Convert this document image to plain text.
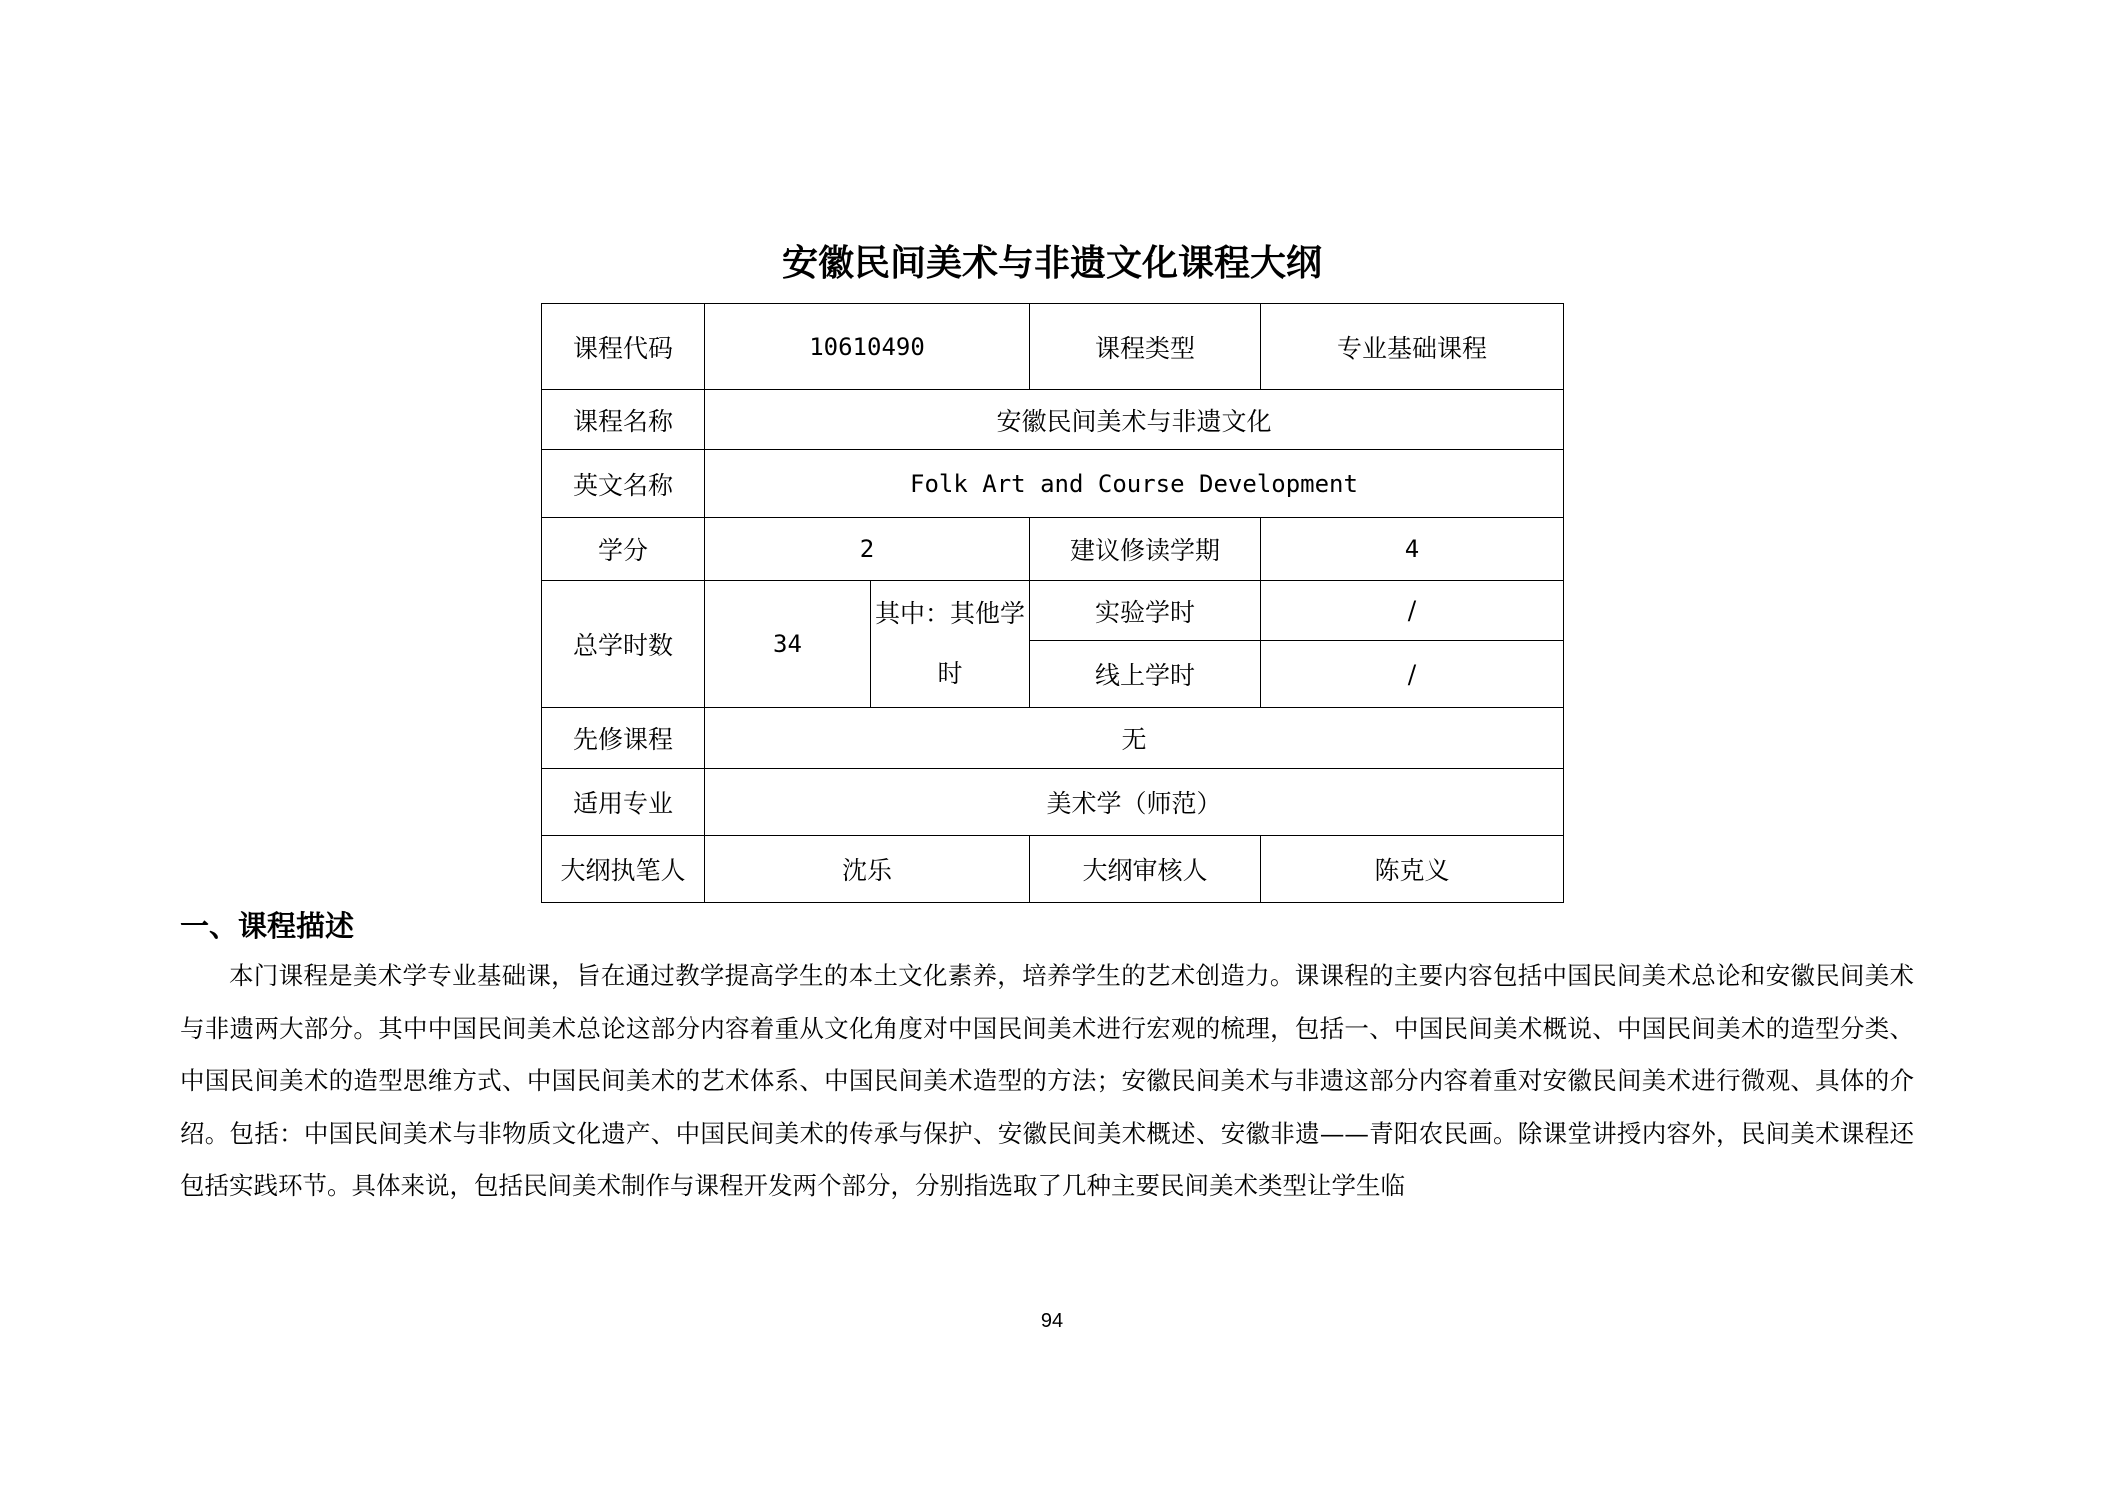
安徽民间美术与非遗文化课程大纲
课程代码	10610490		课程类型	专业基础课程
课程名称	安徽民间美术与非遗文化			
英文名称	Folk Art and Course Development			
学分	2		建议修读学期	4
总学时数	34	其中：其他学时	实验学时	/
			线上学时	/
先修课程	无			
适用专业	美术学（师范）			
大纲执笔人	沈乐		大纲审核人	陈克义
一、课程描述

本门课程是美术学专业基础课，旨在通过教学提高学生的本土文化素养，培养学生的艺术创造力。课课程的主要内容包括中国民间美术总论和安徽民间美术与非遗两大部分。其中中国民间美术总论这部分内容着重从文化角度对中国民间美术进行宏观的梳理，包括一、中国民间美术概说、中国民间美术的造型分类、中国民间美术的造型思维方式、中国民间美术的艺术体系、中国民间美术造型的方法；安徽民间美术与非遗这部分内容着重对安徽民间美术进行微观、具体的介绍。包括：中国民间美术与非物质文化遗产、中国民间美术的传承与保护、安徽民间美术概述、安徽非遗——青阳农民画。除课堂讲授内容外，民间美术课程还包括实践环节。具体来说，包括民间美术制作与课程开发两个部分，分别指选取了几种主要民间美术类型让学生临

94
